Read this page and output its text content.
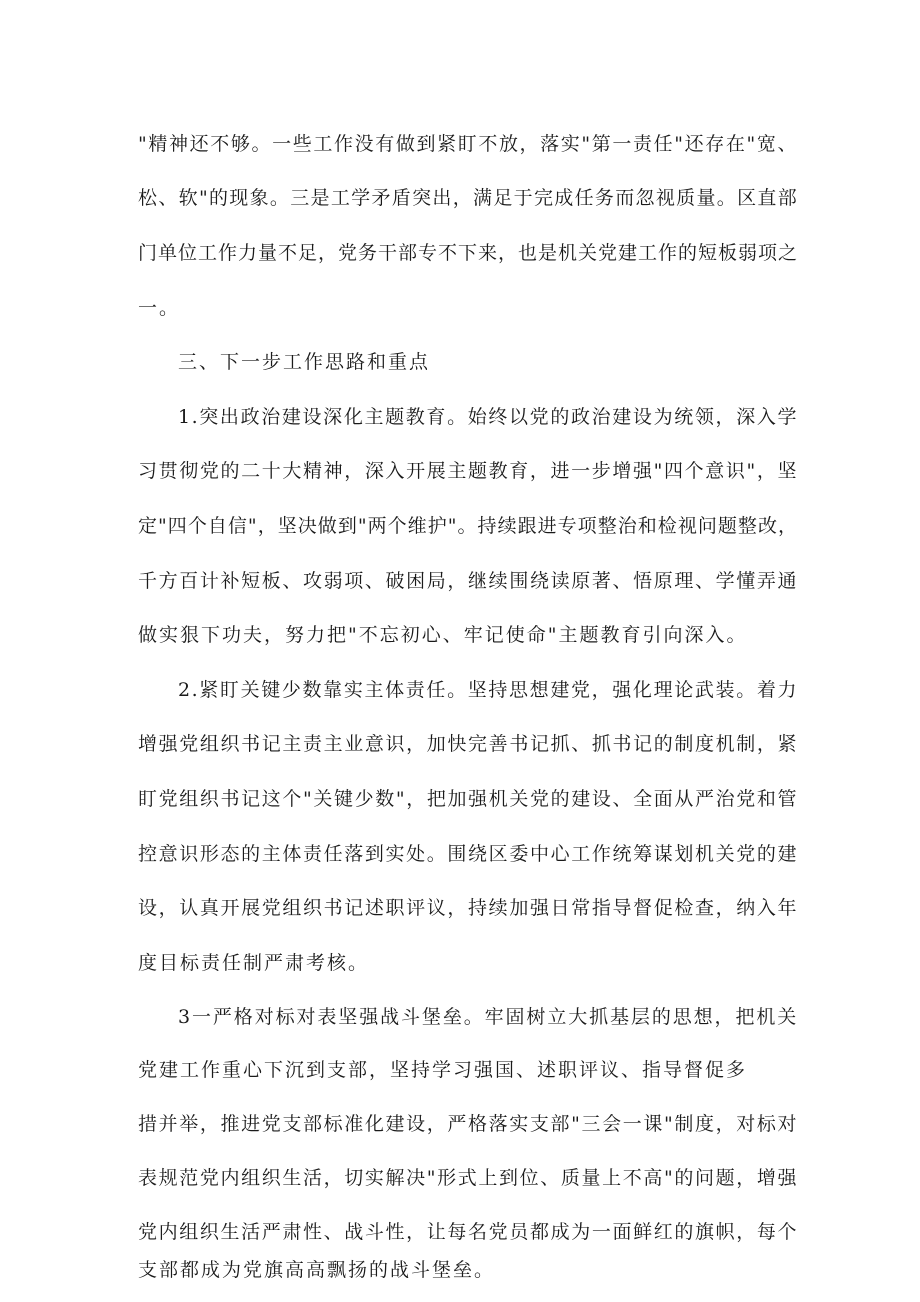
"精神还不够。一些工作没有做到紧盯不放，落实"第一责任"还存在"宽、
松、软"的现象。三是工学矛盾突出，满足于完成任务而忽视质量。区直部
门单位工作力量不足，党务干部专不下来，也是机关党建工作的短板弱项之
一。
三、下一步工作思路和重点
1.突出政治建设深化主题教育。始终以党的政治建设为统领，深入学
习贯彻党的二十大精神，深入开展主题教育，进一步增强"四个意识"，坚
定"四个自信"，坚决做到"两个维护"。持续跟进专项整治和检视问题整改，
千方百计补短板、攻弱项、破困局，继续围绕读原著、悟原理、学懂弄通
做实狠下功夫，努力把"不忘初心、牢记使命"主题教育引向深入。
2.紧盯关键少数靠实主体责任。坚持思想建党，强化理论武装。着力
增强党组织书记主责主业意识，加快完善书记抓、抓书记的制度机制，紧
盯党组织书记这个"关键少数"，把加强机关党的建设、全面从严治党和管
控意识形态的主体责任落到实处。围绕区委中心工作统筹谋划机关党的建
设，认真开展党组织书记述职评议，持续加强日常指导督促检查，纳入年
度目标责任制严肃考核。
3一严格对标对表坚强战斗堡垒。牢固树立大抓基层的思想，把机关
党建工作重心下沉到支部，坚持学习强国、述职评议、指导督促多
措并举，推进党支部标准化建设，严格落实支部"三会一课"制度，对标对
表规范党内组织生活，切实解决"形式上到位、质量上不高"的问题，增强
党内组织生活严肃性、战斗性，让每名党员都成为一面鲜红的旗帜，每个
支部都成为党旗高高飘扬的战斗堡垒。
